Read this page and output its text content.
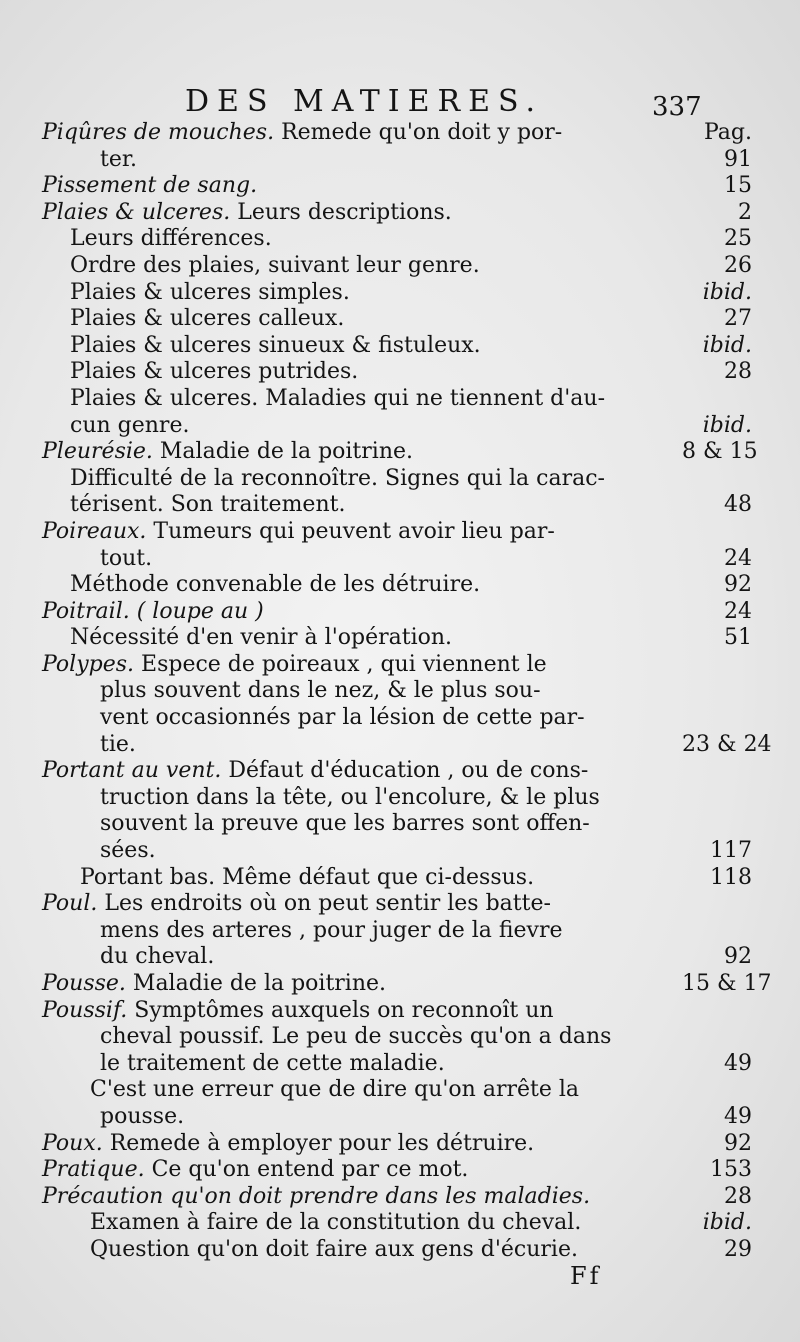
DES MATIERES.	337
Piqûres de mouches. Remede qu'on doit y por-	Pag.
ter.	91
Pissement de sang.	15
Plaies & ulceres. Leurs descriptions.	2
Leurs différences.	25
Ordre des plaies, suivant leur genre.	26
Plaies & ulceres simples.	ibid.
Plaies & ulceres calleux.	27
Plaies & ulceres sinueux & fistuleux.	ibid.
Plaies & ulceres putrides.	28
Plaies & ulceres. Maladies qui ne tiennent d'au-
cun genre.	ibid.
Pleurésie. Maladie de la poitrine.	8 & 15
Difficulté de la reconnoître. Signes qui la carac-
térisent. Son traitement.	48
Poireaux. Tumeurs qui peuvent avoir lieu par-
tout.	24
Méthode convenable de les détruire.	92
Poitrail. ( loupe au )	24
Nécessité d'en venir à l'opération.	51
Polypes. Espece de poireaux , qui viennent le
plus souvent dans le nez, & le plus sou-
vent occasionnés par la lésion de cette par-
tie.	23 & 24
Portant au vent. Défaut d'éducation , ou de cons-
truction dans la tête, ou l'encolure, & le plus
souvent la preuve que les barres sont offen-
sées.	117
Portant bas. Même défaut que ci-dessus.	118
Poul. Les endroits où on peut sentir les batte-
mens des arteres , pour juger de la fievre
du cheval.	92
Pousse. Maladie de la poitrine.	15 & 17
Poussif. Symptômes auxquels on reconnoît un
cheval poussif. Le peu de succès qu'on a dans
le traitement de cette maladie.	49
C'est une erreur que de dire qu'on arrête la
pousse.	49
Poux. Remede à employer pour les détruire.	92
Pratique. Ce qu'on entend par ce mot.	153
Précaution qu'on doit prendre dans les maladies.	28
Examen à faire de la constitution du cheval.	ibid.
Question qu'on doit faire aux gens d'écurie.	29
Ff
